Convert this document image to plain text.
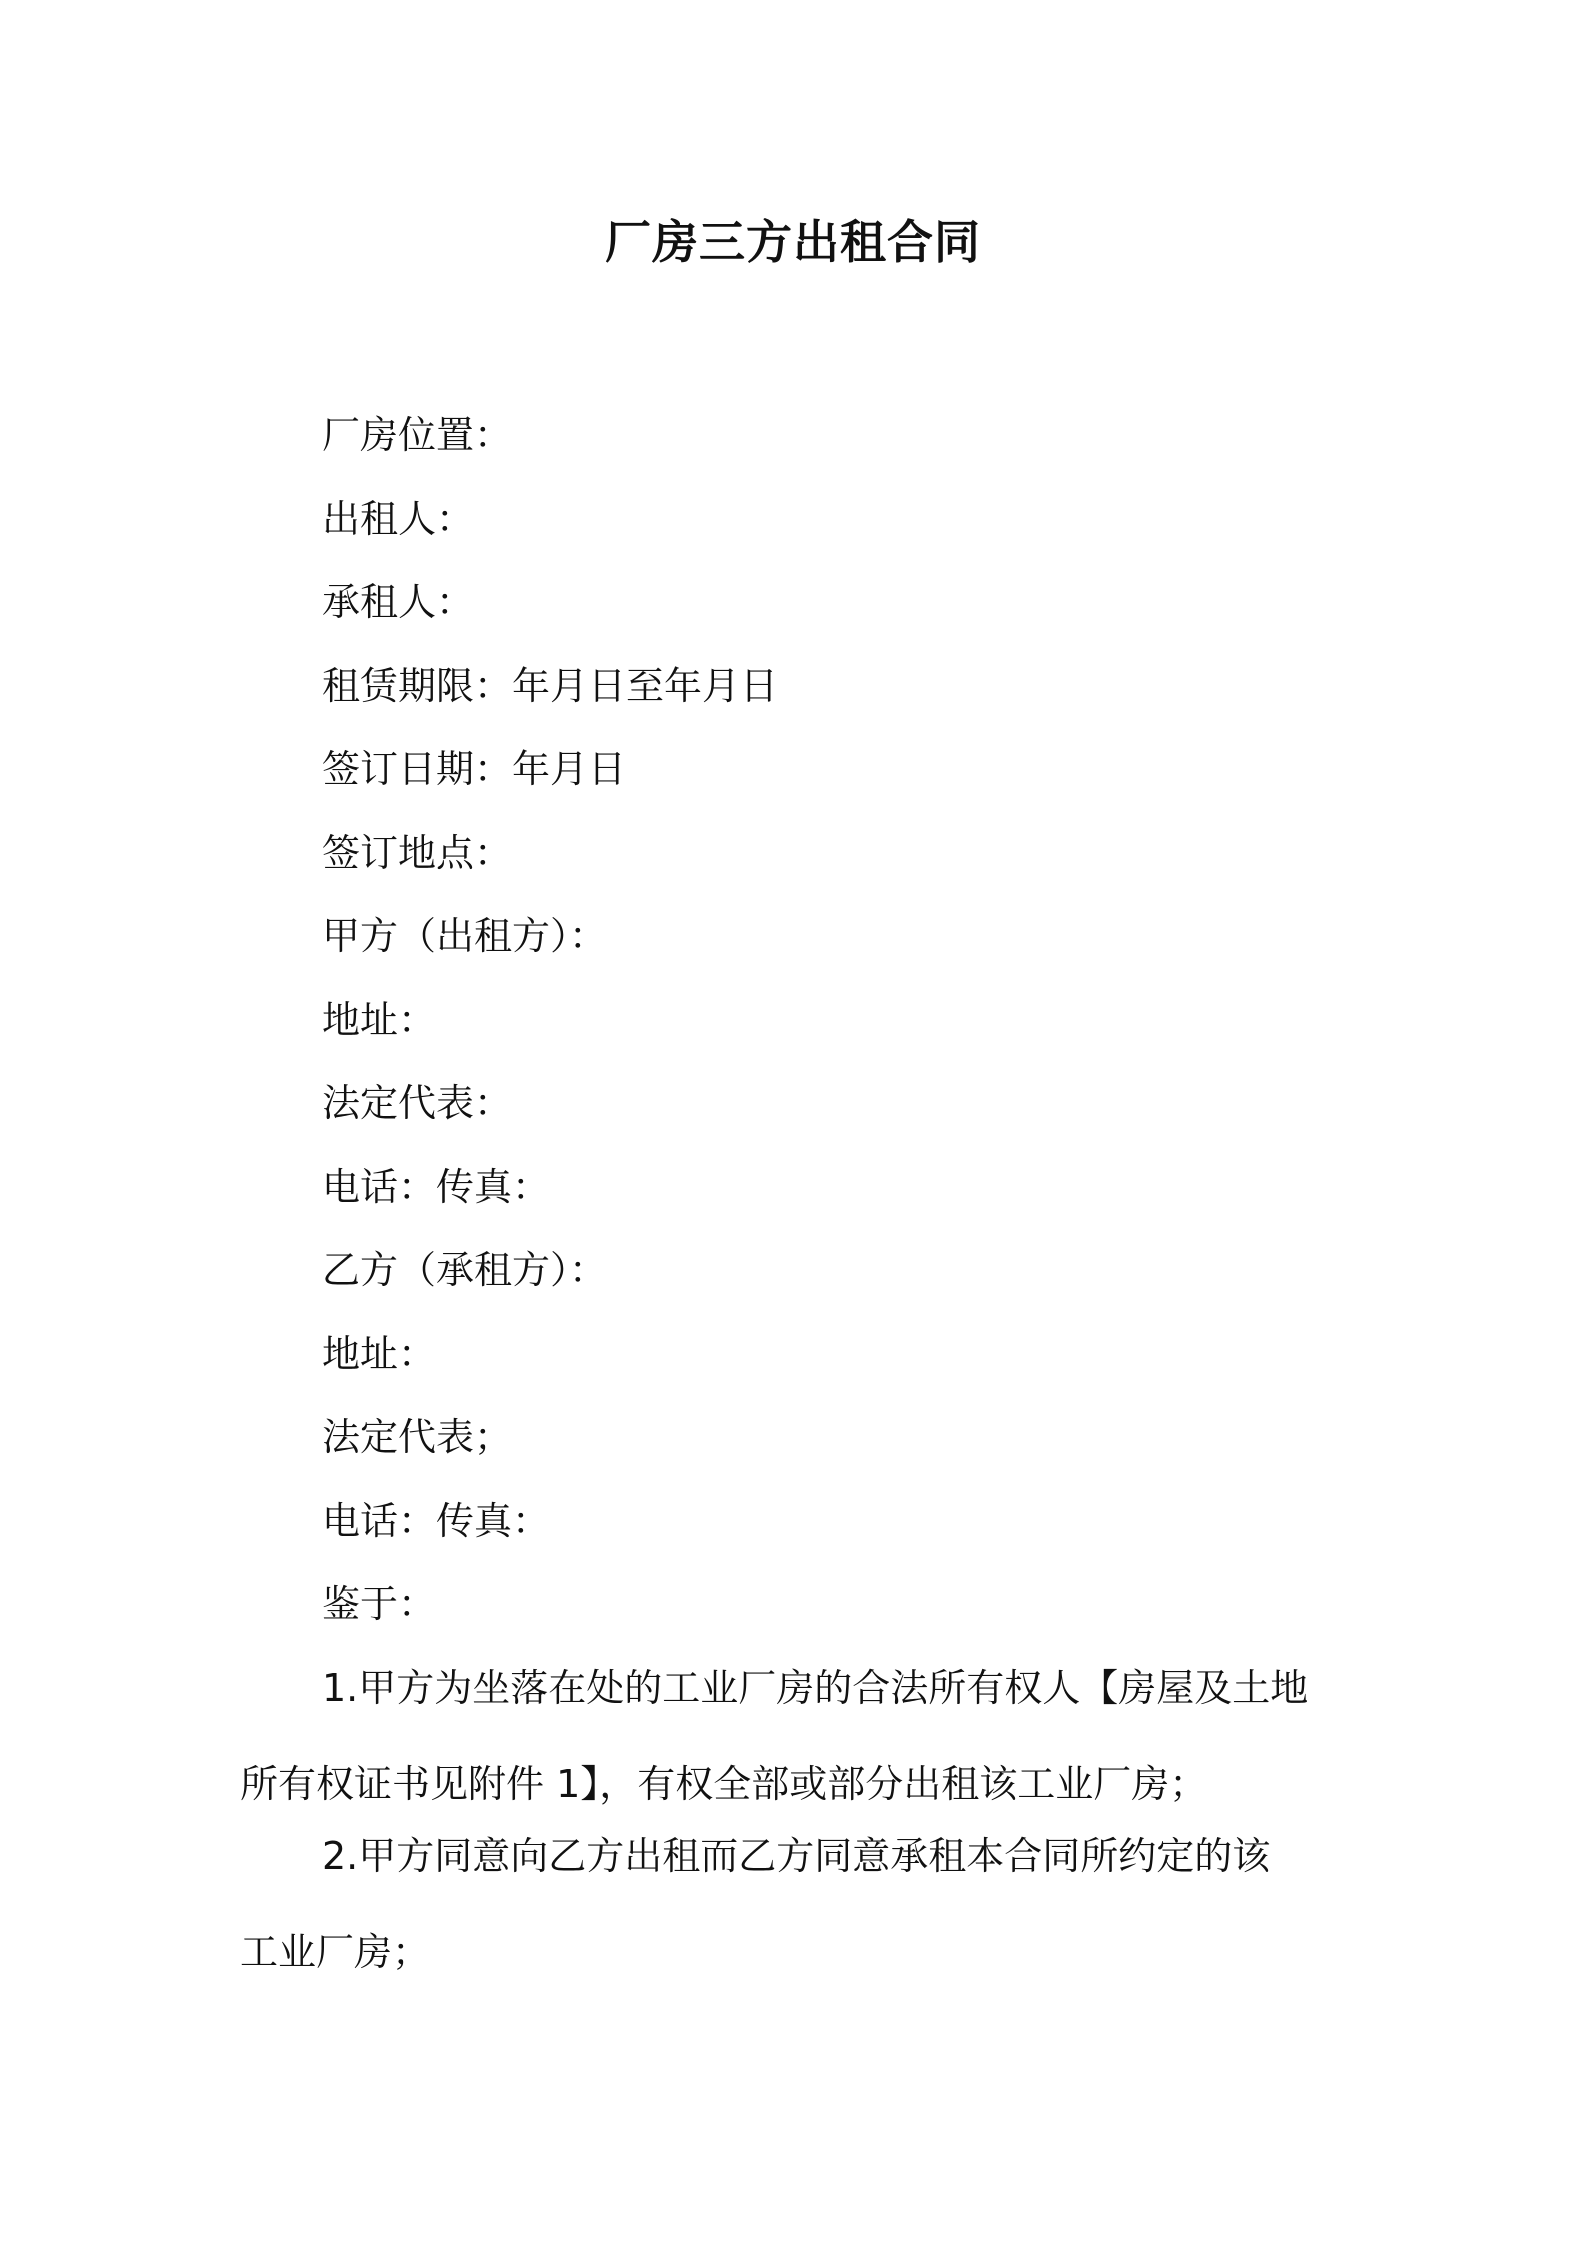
厂房三方出租合同
厂房位置：
出租人：
承租人：
租赁期限：年月日至年月日
签订日期：年月日
签订地点：
甲方（出租方）：
地址：
法定代表：
电话：传真：
乙方（承租方）：
地址：
法定代表；
电话：传真：
鉴于：
1.甲方为坐落在处的工业厂房的合法所有权人【房屋及土地
所有权证书见附件 1】，有权全部或部分出租该工业厂房；
2.甲方同意向乙方出租而乙方同意承租本合同所约定的该
工业厂房；
